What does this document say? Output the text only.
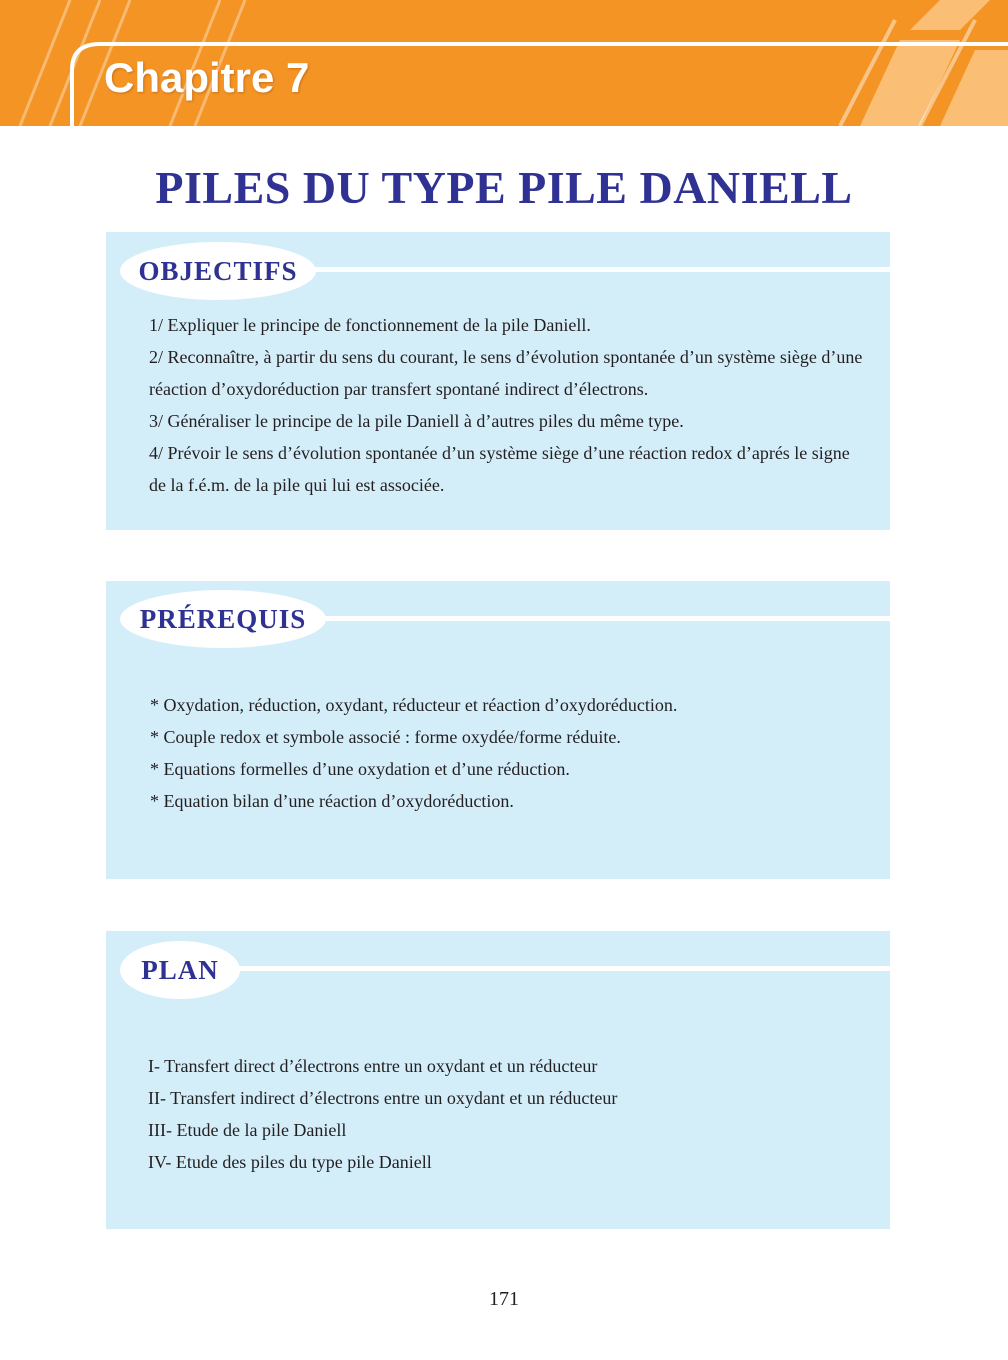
Chapitre 7
PILES DU TYPE PILE DANIELL
OBJECTIFS
1/ Expliquer le principe de fonctionnement de la pile Daniell.
2/ Reconnaître, à partir du sens du courant, le sens d’évolution spontanée d’un système siège d’une réaction d’oxydoréduction par transfert spontané indirect d’électrons.
3/ Généraliser le principe de la pile Daniell à d’autres piles du même type.
4/ Prévoir le sens d’évolution spontanée d’un système siège d’une réaction redox d’aprés le signe de la f.é.m. de la pile qui lui est associée.
PRÉREQUIS
* Oxydation, réduction, oxydant, réducteur et réaction d’oxydoréduction.
* Couple redox et symbole associé : forme oxydée/forme réduite.
* Equations formelles d’une oxydation et d’une réduction.
* Equation bilan d’une réaction d’oxydoréduction.
PLAN
I- Transfert direct d’électrons entre un oxydant et un réducteur
II- Transfert indirect d’électrons entre un oxydant et un réducteur
III- Etude de la pile Daniell
IV- Etude des piles du type pile Daniell
171
